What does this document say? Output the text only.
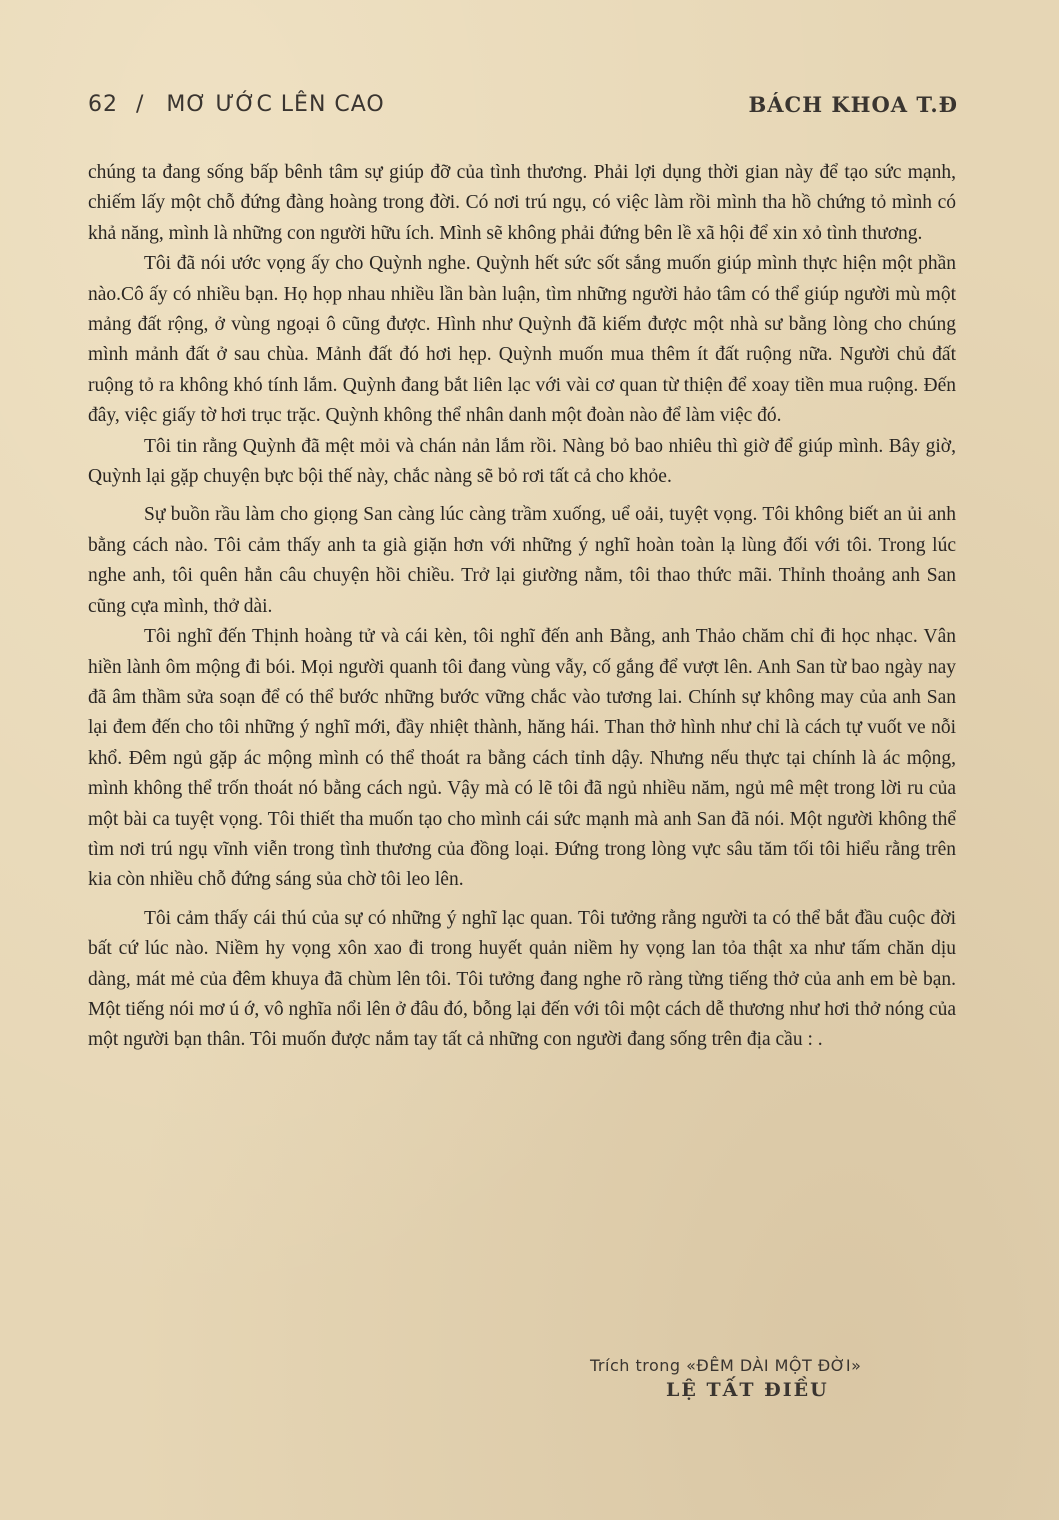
62 / MƠ ƯỚC LÊN CAO	BÁCH KHOA T.Đ

chúng ta đang sống bấp bênh tâm sự giúp đỡ của tình thương. Phải lợi dụng thời gian này để tạo sức mạnh, chiếm lấy một chỗ đứng đàng hoàng trong đời. Có nơi trú ngụ, có việc làm rồi mình tha hồ chứng tỏ mình có khả năng, mình là những con người hữu ích. Mình sẽ không phải đứng bên lề xã hội để xin xỏ tình thương.

Tôi đã nói ước vọng ấy cho Quỳnh nghe. Quỳnh hết sức sốt sắng muốn giúp mình thực hiện một phần nào.Cô ấy có nhiều bạn. Họ họp nhau nhiều lần bàn luận, tìm những người hảo tâm có thể giúp người mù một mảng đất rộng, ở vùng ngoại ô cũng được. Hình như Quỳnh đã kiếm được một nhà sư bằng lòng cho chúng mình mảnh đất ở sau chùa. Mảnh đất đó hơi hẹp. Quỳnh muốn mua thêm ít đất ruộng nữa. Người chủ đất ruộng tỏ ra không khó tính lắm. Quỳnh đang bắt liên lạc với vài cơ quan từ thiện để xoay tiền mua ruộng. Đến đây, việc giấy tờ hơi trục trặc. Quỳnh không thể nhân danh một đoàn nào để làm việc đó.

Tôi tin rằng Quỳnh đã mệt mỏi và chán nản lắm rồi. Nàng bỏ bao nhiêu thì giờ để giúp mình. Bây giờ, Quỳnh lại gặp chuyện bực bội thế này, chắc nàng sẽ bỏ rơi tất cả cho khỏe.

Sự buồn rầu làm cho giọng San càng lúc càng trầm xuống, uể oải, tuyệt vọng. Tôi không biết an ủi anh bằng cách nào. Tôi cảm thấy anh ta già giặn hơn với những ý nghĩ hoàn toàn lạ lùng đối với tôi. Trong lúc nghe anh, tôi quên hẳn câu chuyện hồi chiều. Trở lại giường nằm, tôi thao thức mãi. Thỉnh thoảng anh San cũng cựa mình, thở dài.

Tôi nghĩ đến Thịnh hoàng tử và cái kèn, tôi nghĩ đến anh Bằng, anh Thảo chăm chỉ đi học nhạc. Vân hiền lành ôm mộng đi bói. Mọi người quanh tôi đang vùng vẫy, cố gắng để vượt lên. Anh San từ bao ngày nay đã âm thầm sửa soạn để có thể bước những bước vững chắc vào tương lai. Chính sự không may của anh San lại đem đến cho tôi những ý nghĩ mới, đầy nhiệt thành, hăng hái. Than thở hình như chỉ là cách tự vuốt ve nỗi khổ. Đêm ngủ gặp ác mộng mình có thể thoát ra bằng cách tỉnh dậy. Nhưng nếu thực tại chính là ác mộng, mình không thể trốn thoát nó bằng cách ngủ. Vậy mà có lẽ tôi đã ngủ nhiều năm, ngủ mê mệt trong lời ru của một bài ca tuyệt vọng. Tôi thiết tha muốn tạo cho mình cái sức mạnh mà anh San đã nói. Một người không thể tìm nơi trú ngụ vĩnh viễn trong tình thương của đồng loại. Đứng trong lòng vực sâu tăm tối tôi hiểu rằng trên kia còn nhiều chỗ đứng sáng sủa chờ tôi leo lên.

Tôi cảm thấy cái thú của sự có những ý nghĩ lạc quan. Tôi tưởng rằng người ta có thể bắt đầu cuộc đời bất cứ lúc nào. Niềm hy vọng xôn xao đi trong huyết quản niềm hy vọng lan tỏa thật xa như tấm chăn dịu dàng, mát mẻ của đêm khuya đã chùm lên tôi. Tôi tưởng đang nghe rõ ràng từng tiếng thở của anh em bè bạn. Một tiếng nói mơ ú ớ, vô nghĩa nổi lên ở đâu đó, bỗng lại đến với tôi một cách dễ thương như hơi thở nóng của một người bạn thân. Tôi muốn được nắm tay tất cả những con người đang sống trên địa cầu : .

Trích trong «ĐÊM DÀI MỘT ĐỜI»
LỆ TẤT ĐIỀU
